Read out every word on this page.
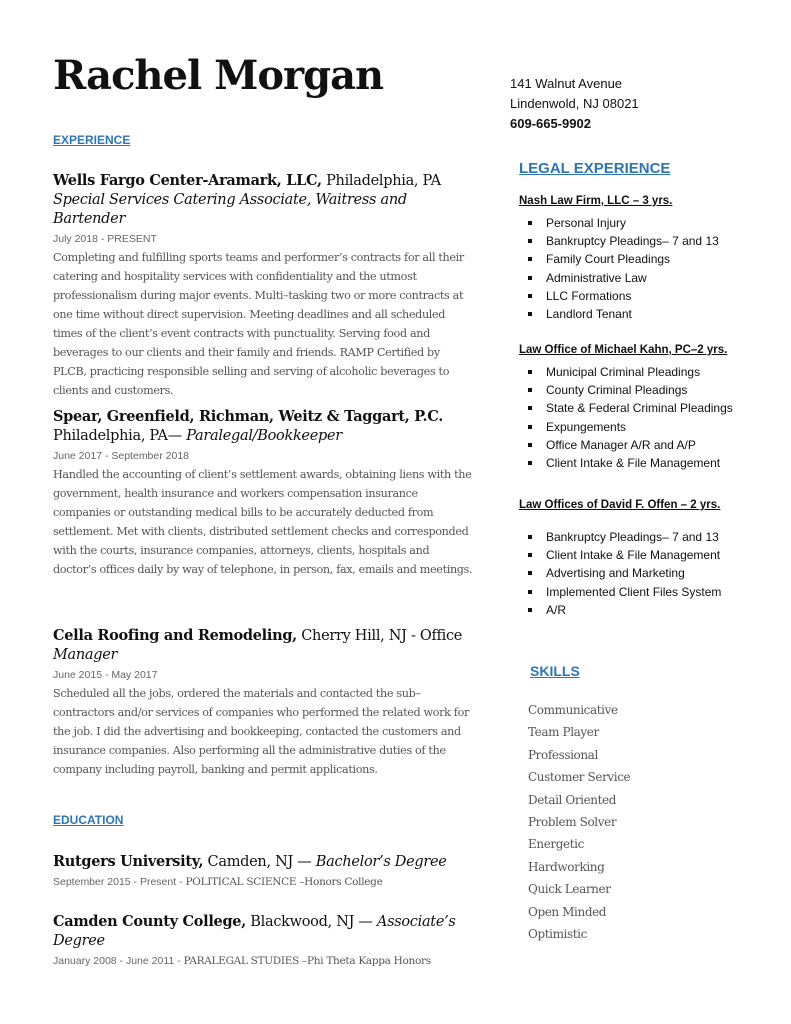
Rachel Morgan	141 Walnut Avenue
Lindenwold, NJ 08021
609-665-9902
EXPERIENCE
Wells Fargo Center-Aramark, LLC, Philadelphia, PA
Special Services Catering Associate, Waitress and Bartender
July 2018 - PRESENT
Completing and fulfilling sports teams and performer’s contracts for all their catering and hospitality services with confidentiality and the utmost professionalism during major events. Multi–tasking two or more contracts at one time without direct supervision. Meeting deadlines and all scheduled times of the client’s event contracts with punctuality. Serving food and beverages to our clients and their family and friends. RAMP Certified by PLCB, practicing responsible selling and serving of alcoholic beverages to clients and customers.
Spear, Greenfield, Richman, Weitz & Taggart, P.C.
Philadelphia, PA— Paralegal/Bookkeeper
June 2017 - September 2018
Handled the accounting of client’s settlement awards, obtaining liens with the government, health insurance and workers compensation insurance companies or outstanding medical bills to be accurately deducted from settlement. Met with clients, distributed settlement checks and corresponded with the courts, insurance companies, attorneys, clients, hospitals and doctor’s offices daily by way of telephone, in person, fax, emails and meetings.
Cella Roofing and Remodeling, Cherry Hill, NJ - Office
Manager
June 2015 - May 2017
Scheduled all the jobs, ordered the materials and contacted the sub–contractors and/or services of companies who performed the related work for the job. I did the advertising and bookkeeping, contacted the customers and insurance companies. Also performing all the administrative duties of the company including payroll, banking and permit applications.
EDUCATION
Rutgers University, Camden, NJ — Bachelor’s Degree
September 2015 - Present - POLITICAL SCIENCE –Honors College
Camden County College, Blackwood, NJ — Associate’s Degree
January 2008 - June 2011 - PARALEGAL STUDIES –Phi Theta Kappa Honors
LEGAL EXPERIENCE
Nash Law Firm, LLC – 3 yrs.
Personal Injury
Bankruptcy Pleadings– 7 and 13
Family Court Pleadings
Administrative Law
LLC Formations
Landlord Tenant
Law Office of Michael Kahn, PC–2 yrs.
Municipal Criminal Pleadings
County Criminal Pleadings
State & Federal Criminal Pleadings
Expungements
Office Manager A/R and A/P
Client Intake & File Management
Law Offices of David F. Offen – 2 yrs.
Bankruptcy Pleadings– 7 and 13
Client Intake & File Management
Advertising and Marketing
Implemented Client Files System
A/R
SKILLS
Communicative
Team Player
Professional
Customer Service
Detail Oriented
Problem Solver
Energetic
Hardworking
Quick Learner
Open Minded
Optimistic
